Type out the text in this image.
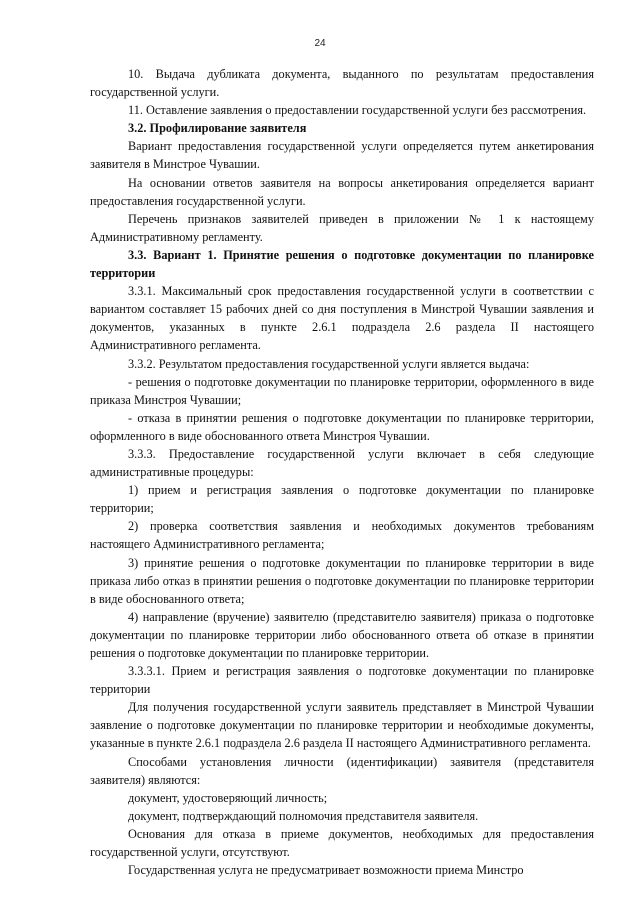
24

10. Выдача дубликата документа, выданного по результатам предоставления государственной услуги.

11. Оставление заявления о предоставлении государственной услуги без рассмотрения.

3.2. Профилирование заявителя

Вариант предоставления государственной услуги определяется путем анкетирования заявителя в Минстрое Чувашии.

На основании ответов заявителя на вопросы анкетирования определяется вариант предоставления государственной услуги.

Перечень признаков заявителей приведен в приложении № 1 к настоящему Административному регламенту.

3.3. Вариант 1. Принятие решения о подготовке документации по планировке территории

3.3.1. Максимальный срок предоставления государственной услуги в соответствии с вариантом составляет 15 рабочих дней со дня поступления в Минстрой Чувашии заявления и документов, указанных в пункте 2.6.1 подраздела 2.6 раздела II настоящего Административного регламента.

3.3.2. Результатом предоставления государственной услуги является выдача:

- решения о подготовке документации по планировке территории, оформленного в виде приказа Минстроя Чувашии;

- отказа в принятии решения о подготовке документации по планировке территории, оформленного в виде обоснованного ответа Минстроя Чувашии.

3.3.3. Предоставление государственной услуги включает в себя следующие административные процедуры:

1) прием и регистрация заявления о подготовке документации по планировке территории;

2) проверка соответствия заявления и необходимых документов требованиям настоящего Административного регламента;

3) принятие решения о подготовке документации по планировке территории в виде приказа либо отказ в принятии решения о подготовке документации по планировке территории в виде обоснованного ответа;

4) направление (вручение) заявителю (представителю заявителя) приказа о подготовке документации по планировке территории либо обоснованного ответа об отказе в принятии решения о подготовке документации по планировке территории.

3.3.3.1. Прием и регистрация заявления о подготовке документации по планировке территории

Для получения государственной услуги заявитель представляет в Минстрой Чувашии заявление о подготовке документации по планировке территории и необходимые документы, указанные в пункте 2.6.1 подраздела 2.6 раздела II настоящего Административного регламента.

Способами установления личности (идентификации) заявителя (представителя заявителя) являются:

документ, удостоверяющий личность;

документ, подтверждающий полномочия представителя заявителя.

Основания для отказа в приеме документов, необходимых для предоставления государственной услуги, отсутствуют.

Государственная услуга не предусматривает возможности приема Минстро
